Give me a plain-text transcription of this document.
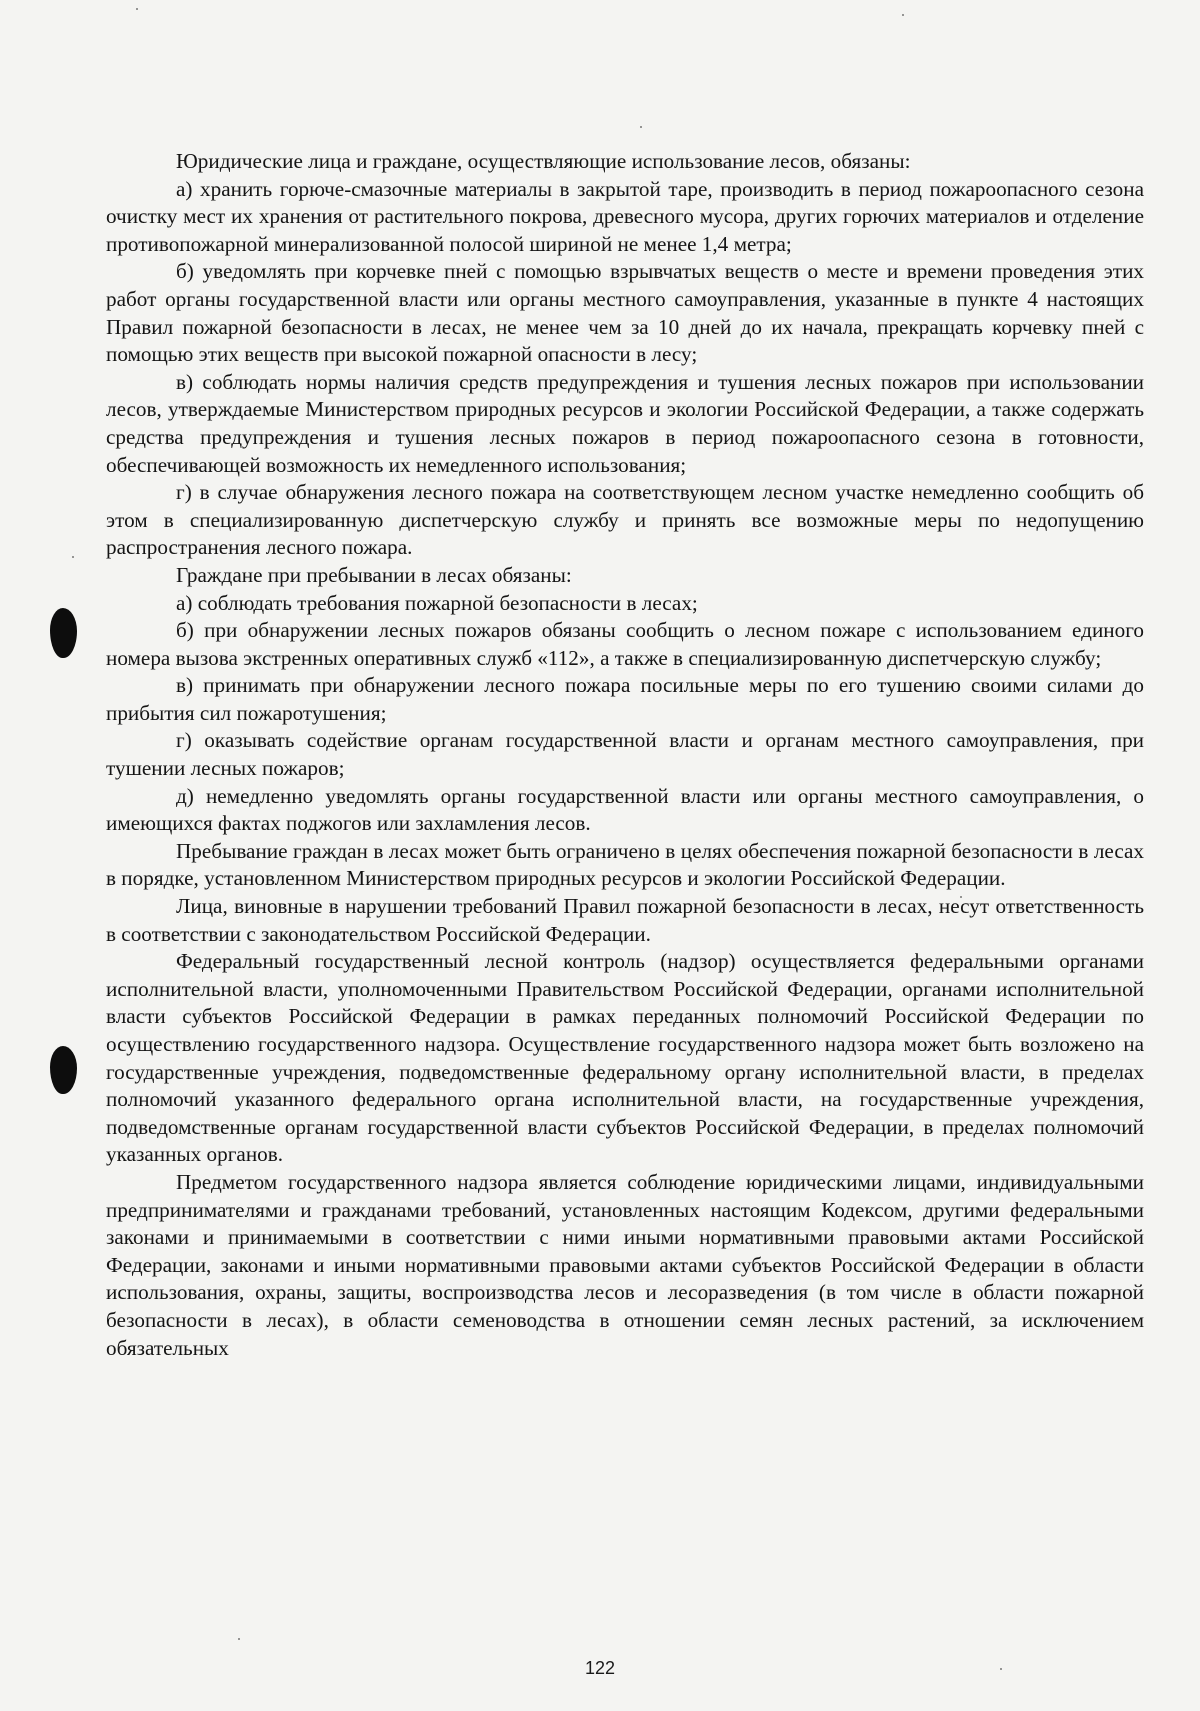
Юридические лица и граждане, осуществляющие использование лесов, обязаны:

а) хранить горюче-смазочные материалы в закрытой таре, производить в период пожароопасного сезона очистку мест их хранения от растительного покрова, древесного мусора, других горючих материалов и отделение противопожарной минерализованной полосой шириной не менее 1,4 метра;

б) уведомлять при корчевке пней с помощью взрывчатых веществ о месте и времени проведения этих работ органы государственной власти или органы местного самоуправления, указанные в пункте 4 настоящих Правил пожарной безопасности в лесах, не менее чем за 10 дней до их начала, прекращать корчевку пней с помощью этих веществ при высокой пожарной опасности в лесу;

в) соблюдать нормы наличия средств предупреждения и тушения лесных пожаров при использовании лесов, утверждаемые Министерством природных ресурсов и экологии Российской Федерации, а также содержать средства предупреждения и тушения лесных пожаров в период пожароопасного сезона в готовности, обеспечивающей возможность их немедленного использования;

г) в случае обнаружения лесного пожара на соответствующем лесном участке немедленно сообщить об этом в специализированную диспетчерскую службу и принять все возможные меры по недопущению распространения лесного пожара.

Граждане при пребывании в лесах обязаны:

а) соблюдать требования пожарной безопасности в лесах;

б) при обнаружении лесных пожаров обязаны сообщить о лесном пожаре с использованием единого номера вызова экстренных оперативных служб «112», а также в специализированную диспетчерскую службу;

в) принимать при обнаружении лесного пожара посильные меры по его тушению своими силами до прибытия сил пожаротушения;

г) оказывать содействие органам государственной власти и органам местного самоуправления, при тушении лесных пожаров;

д) немедленно уведомлять органы государственной власти или органы местного самоуправления, о имеющихся фактах поджогов или захламления лесов.

Пребывание граждан в лесах может быть ограничено в целях обеспечения пожарной безопасности в лесах в порядке, установленном Министерством природных ресурсов и экологии Российской Федерации.

Лица, виновные в нарушении требований Правил пожарной безопасности в лесах, несут ответственность в соответствии с законодательством Российской Федерации.

Федеральный государственный лесной контроль (надзор) осуществляется федеральными органами исполнительной власти, уполномоченными Правительством Российской Федерации, органами исполнительной власти субъектов Российской Федерации в рамках переданных полномочий Российской Федерации по осуществлению государственного надзора. Осуществление государственного надзора может быть возложено на государственные учреждения, подведомственные федеральному органу исполнительной власти, в пределах полномочий указанного федерального органа исполнительной власти, на государственные учреждения, подведомственные органам государственной власти субъектов Российской Федерации, в пределах полномочий указанных органов.

Предметом государственного надзора является соблюдение юридическими лицами, индивидуальными предпринимателями и гражданами требований, установленных настоящим Кодексом, другими федеральными законами и принимаемыми в соответствии с ними иными нормативными правовыми актами Российской Федерации, законами и иными нормативными правовыми актами субъектов Российской Федерации в области использования, охраны, защиты, воспроизводства лесов и лесоразведения (в том числе в области пожарной безопасности в лесах), в области семеноводства в отношении семян лесных растений, за исключением обязательных

122
